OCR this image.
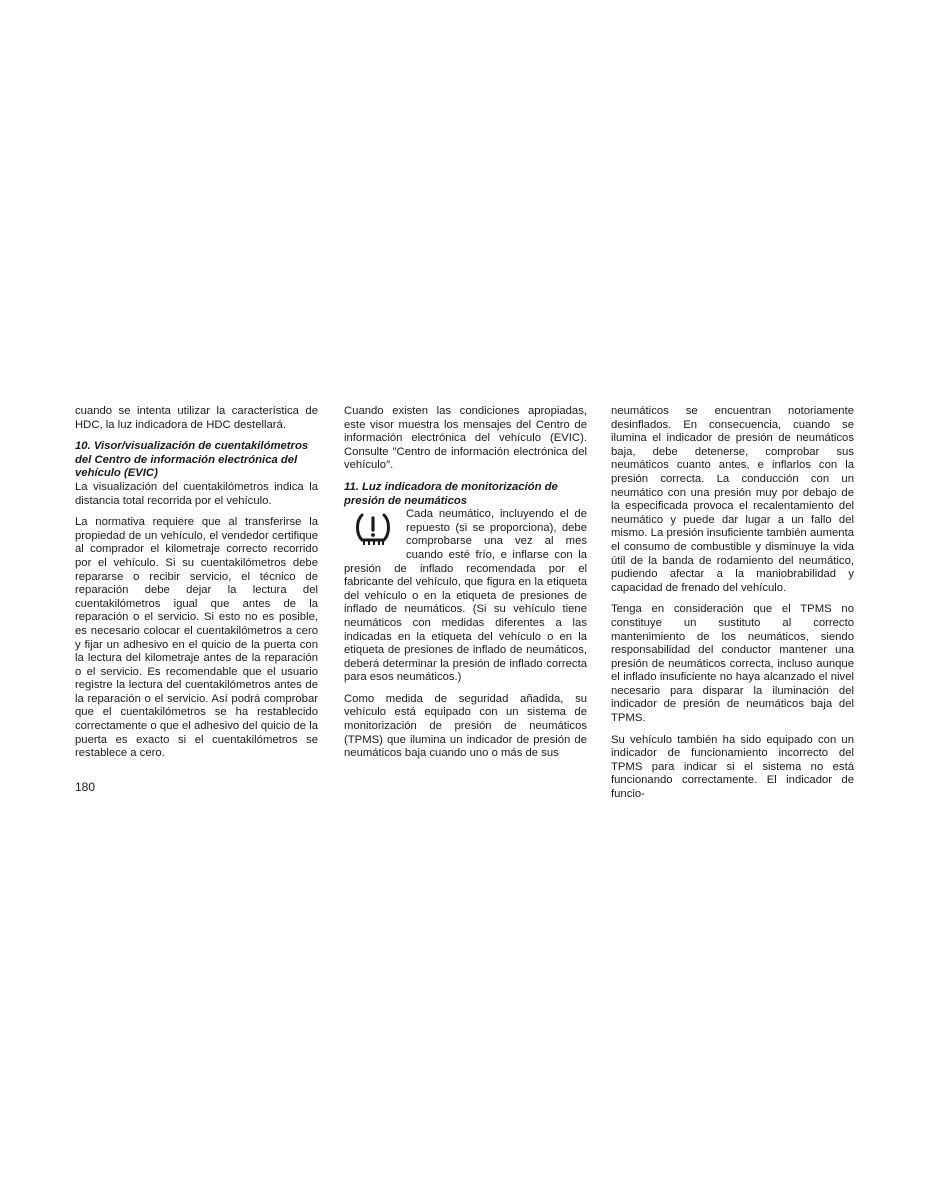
cuando se intenta utilizar la característica de HDC, la luz indicadora de HDC destellará.

10. Visor/visualización de cuentakilómetros del Centro de información electrónica del vehículo (EVIC)

La visualización del cuentakilómetros indica la distancia total recorrida por el vehículo.

La normativa requiere que al transferirse la propiedad de un vehículo, el vendedor certifique al comprador el kilometraje correcto recorrido por el vehículo. Si su cuentakilómetros debe repararse o recibir servicio, el técnico de reparación debe dejar la lectura del cuentakilómetros igual que antes de la reparación o el servicio. Si esto no es posible, es necesario colocar el cuentakilómetros a cero y fijar un adhesivo en el quicio de la puerta con la lectura del kilometraje antes de la reparación o el servicio. Es recomendable que el usuario registre la lectura del cuentakilómetros antes de la reparación o el servicio. Así podrá comprobar que el cuentakilómetros se ha restablecido correctamente o que el adhesivo del quicio de la puerta es exacto si el cuentakilómetros se restablece a cero.

Cuando existen las condiciones apropiadas, este visor muestra los mensajes del Centro de información electrónica del vehículo (EVIC). Consulte ″Centro de información electrónica del vehículo″.

11. Luz indicadora de monitorización de presión de neumáticos

Cada neumático, incluyendo el de repuesto (si se proporciona), debe comprobarse una vez al mes cuando esté frío, e inflarse con la presión de inflado recomendada por el fabricante del vehículo, que figura en la etiqueta del vehículo o en la etiqueta de presiones de inflado de neumáticos. (Si su vehículo tiene neumáticos con medidas diferentes a las indicadas en la etiqueta del vehículo o en la etiqueta de presiones de inflado de neumáticos, deberá determinar la presión de inflado correcta para esos neumáticos.)

Como medida de seguridad añadida, su vehículo está equipado con un sistema de monitorización de presión de neumáticos (TPMS) que ilumina un indicador de presión de neumáticos baja cuando uno o más de sus

neumáticos se encuentran notoriamente desinflados. En consecuencia, cuando se ilumina el indicador de presión de neumáticos baja, debe detenerse, comprobar sus neumáticos cuanto antes, e inflarlos con la presión correcta. La conducción con un neumático con una presión muy por debajo de la especificada provoca el recalentamiento del neumático y puede dar lugar a un fallo del mismo. La presión insuficiente también aumenta el consumo de combustible y disminuye la vida útil de la banda de rodamiento del neumático, pudiendo afectar a la maniobrabilidad y capacidad de frenado del vehículo.

Tenga en consideración que el TPMS no constituye un sustituto al correcto mantenimiento de los neumáticos, siendo responsabilidad del conductor mantener una presión de neumáticos correcta, incluso aunque el inflado insuficiente no haya alcanzado el nivel necesario para disparar la iluminación del indicador de presión de neumáticos baja del TPMS.

Su vehículo también ha sido equipado con un indicador de funcionamiento incorrecto del TPMS para indicar si el sistema no está funcionando correctamente. El indicador de funcio-

180
